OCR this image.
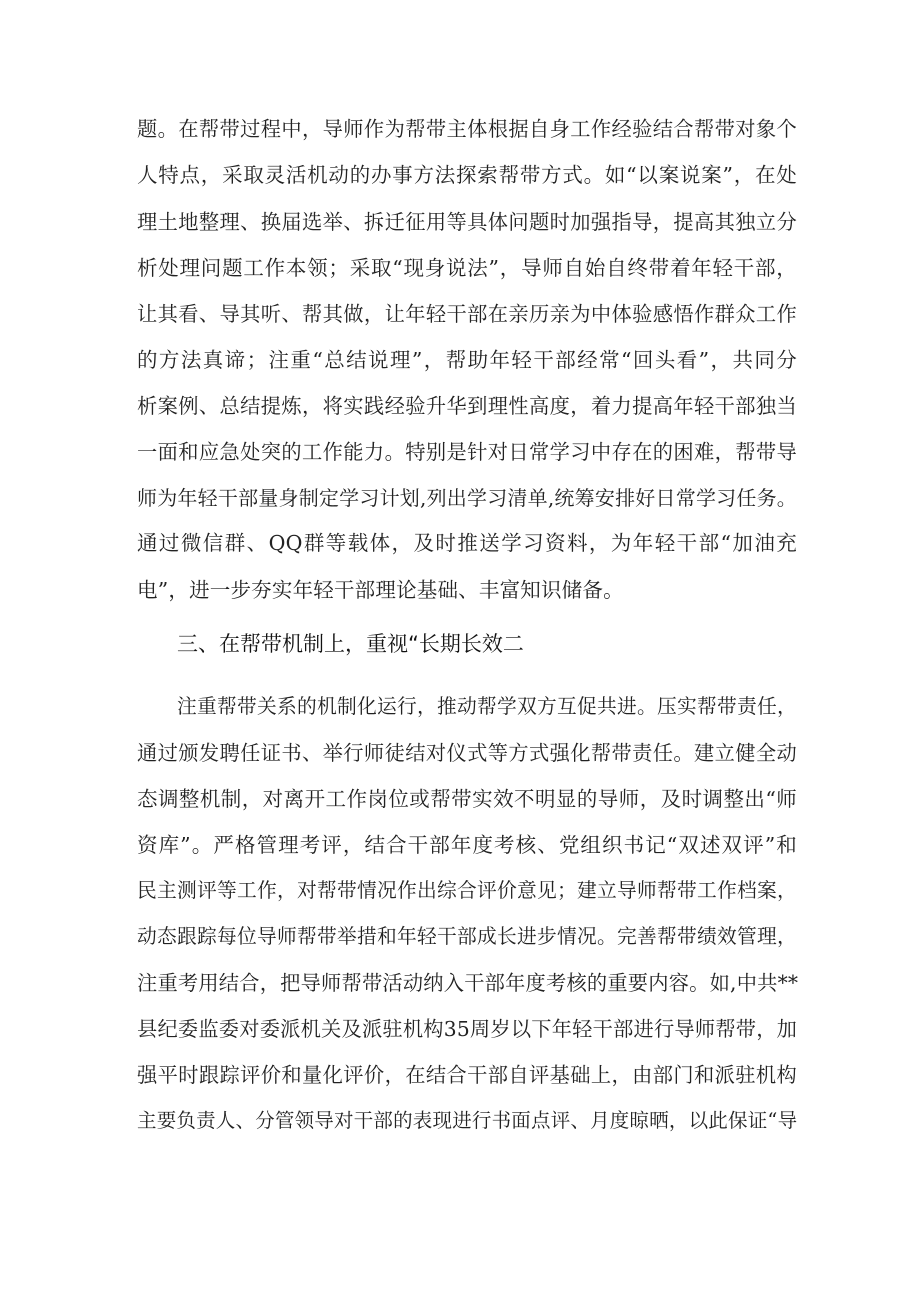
题。在帮带过程中，导师作为帮带主体根据自身工作经验结合帮带对象个
人特点，采取灵活机动的办事方法探索帮带方式。如“以案说案”，在处
理土地整理、换届选举、拆迁征用等具体问题时加强指导，提高其独立分
析处理问题工作本领；采取“现身说法”，导师自始自终带着年轻干部，
让其看、导其听、帮其做，让年轻干部在亲历亲为中体验感悟作群众工作
的方法真谛；注重“总结说理”，帮助年轻干部经常“回头看”，共同分
析案例、总结提炼，将实践经验升华到理性高度，着力提高年轻干部独当
一面和应急处突的工作能力。特别是针对日常学习中存在的困难，帮带导
师为年轻干部量身制定学习计划,列出学习清单,统筹安排好日常学习任务。
通过微信群、QQ群等载体，及时推送学习资料，为年轻干部“加油充
电”，进一步夯实年轻干部理论基础、丰富知识储备。
三、在帮带机制上，重视“长期长效二
注重帮带关系的机制化运行，推动帮学双方互促共进。压实帮带责任，
通过颁发聘任证书、举行师徒结对仪式等方式强化帮带责任。建立健全动
态调整机制，对离开工作岗位或帮带实效不明显的导师，及时调整出“师
资库”。严格管理考评，结合干部年度考核、党组织书记“双述双评”和
民主测评等工作，对帮带情况作出综合评价意见；建立导师帮带工作档案，
动态跟踪每位导师帮带举措和年轻干部成长进步情况。完善帮带绩效管理，
注重考用结合，把导师帮带活动纳入干部年度考核的重要内容。如,中共**
县纪委监委对委派机关及派驻机构35周岁以下年轻干部进行导师帮带，加
强平时跟踪评价和量化评价，在结合干部自评基础上，由部门和派驻机构
主要负责人、分管领导对干部的表现进行书面点评、月度晾晒，以此保证“导
